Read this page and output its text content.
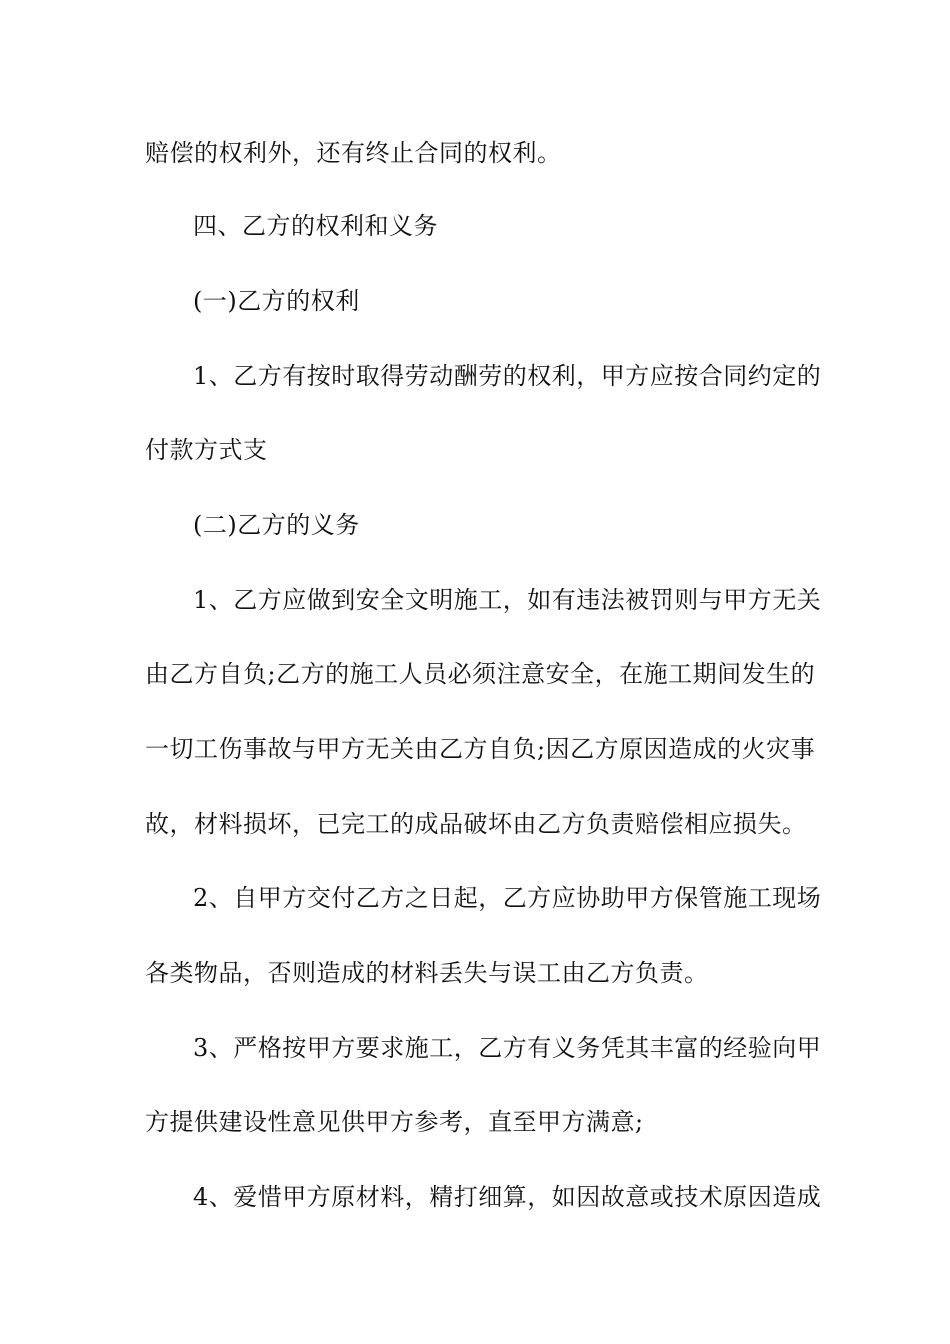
赔偿的权利外，还有终止合同的权利。
四、乙方的权利和义务
(一)乙方的权利
1、乙方有按时取得劳动酬劳的权利，甲方应按合同约定的
付款方式支
(二)乙方的义务
1、乙方应做到安全文明施工，如有违法被罚则与甲方无关
由乙方自负;乙方的施工人员必须注意安全，在施工期间发生的
一切工伤事故与甲方无关由乙方自负;因乙方原因造成的火灾事
故，材料损坏，已完工的成品破坏由乙方负责赔偿相应损失。
2、自甲方交付乙方之日起，乙方应协助甲方保管施工现场
各类物品，否则造成的材料丢失与误工由乙方负责。
3、严格按甲方要求施工，乙方有义务凭其丰富的经验向甲
方提供建设性意见供甲方参考，直至甲方满意;
4、爱惜甲方原材料，精打细算，如因故意或技术原因造成
